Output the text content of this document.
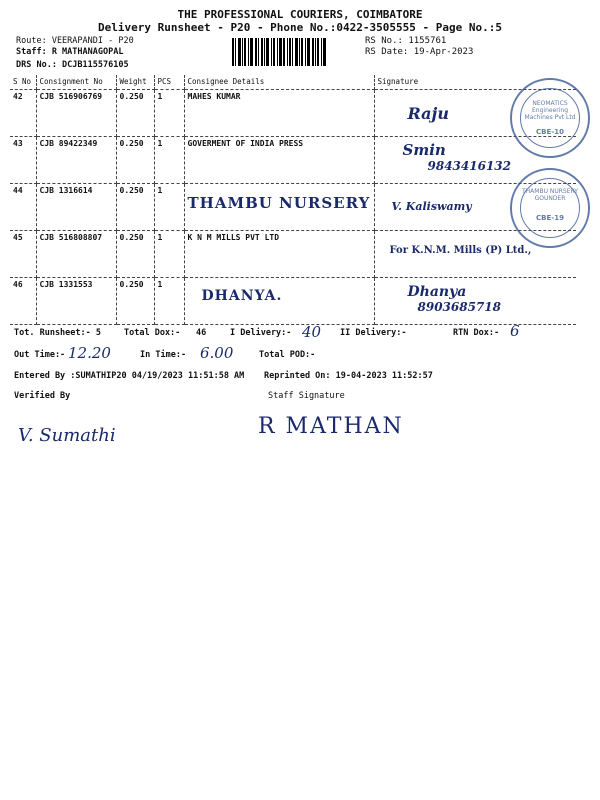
THE PROFESSIONAL COURIERS, COIMBATORE
Delivery Runsheet - P20 - Phone No.:0422-3505555 - Page No.:5
Route: VEERAPANDI - P20
Staff: R MATHANAGOPAL
DRS No.: DCJB115576105
RS No.: 1155761
RS Date: 19-Apr-2023
S No	Consignment No	Weight	PCS	Consignee Details	Signature
42	CJB 516906769	0.250	1	MAHES KUMAR	Raju

43	CJB 89422349	0.250	1	GOVERMENT OF INDIA PRESS	Smin
9843416132

44	CJB 1316614	0.250	1	THAMBU NURSERY	V. Kaliswamy

45	CJB 516808807	0.250	1	K N M MILLS PVT LTD	For K.N.M. Mills (P) Ltd.,

46	CJB 1331553	0.250	1	DHANYA.	Dhanya
8903685718
NEOMATICS Engineering Machines Pvt Ltd
CBE-10
THAMBU NURSERY GOUNDER
CBE-19
Tot. Runsheet:- 5	Total Dox:- 46	I Delivery:- 40 II Delivery:-	RTN Dox:- 6
Out Time:- 12.20	In Time:- 6.00	Total POD:-
Entered By :SUMATHIP20 04/19/2023 11:51:58 AM Reprinted On: 19-04-2023 11:52:57
Verified By	Staff Signature
V. Sumathi	R MATHAN
